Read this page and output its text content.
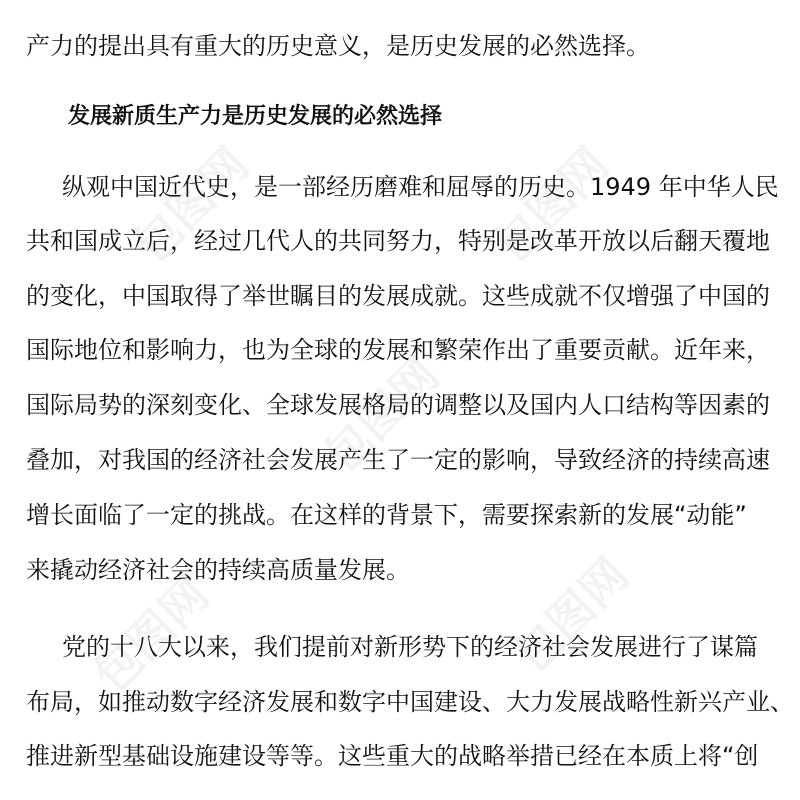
包图网	包图网
包图网
包图网	包图网

产力的提出具有重大的历史意义，是历史发展的必然选择。
发展新质生产力是历史发展的必然选择
纵观中国近代史，是一部经历磨难和屈辱的历史。1949 年中华人民
共和国成立后，经过几代人的共同努力，特别是改革开放以后翻天覆地
的变化，中国取得了举世瞩目的发展成就。这些成就不仅增强了中国的
国际地位和影响力，也为全球的发展和繁荣作出了重要贡献。近年来，
国际局势的深刻变化、全球发展格局的调整以及国内人口结构等因素的
叠加，对我国的经济社会发展产生了一定的影响，导致经济的持续高速
增长面临了一定的挑战。在这样的背景下，需要探索新的发展“动能”
来撬动经济社会的持续高质量发展。
党的十八大以来，我们提前对新形势下的经济社会发展进行了谋篇
布局，如推动数字经济发展和数字中国建设、大力发展战略性新兴产业、
推进新型基础设施建设等等。这些重大的战略举措已经在本质上将“创
